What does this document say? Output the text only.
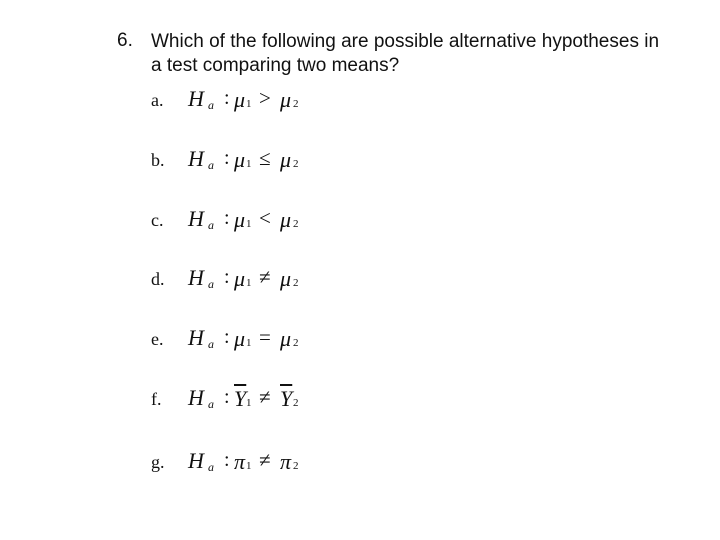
6. Which of the following are possible alternative hypotheses in a test comparing two means?
a. H a : μ 1 > μ 2
b. H a : μ 1 ≤ μ 2
c. H a : μ 1 < μ 2
d. H a : μ 1 ≠ μ 2
e. H a : μ 1 = μ 2
f. H a : $\overline{Y}$ $1 \ne \overline{Y}$ 2
g. H a : π 1 ≠ π 2
